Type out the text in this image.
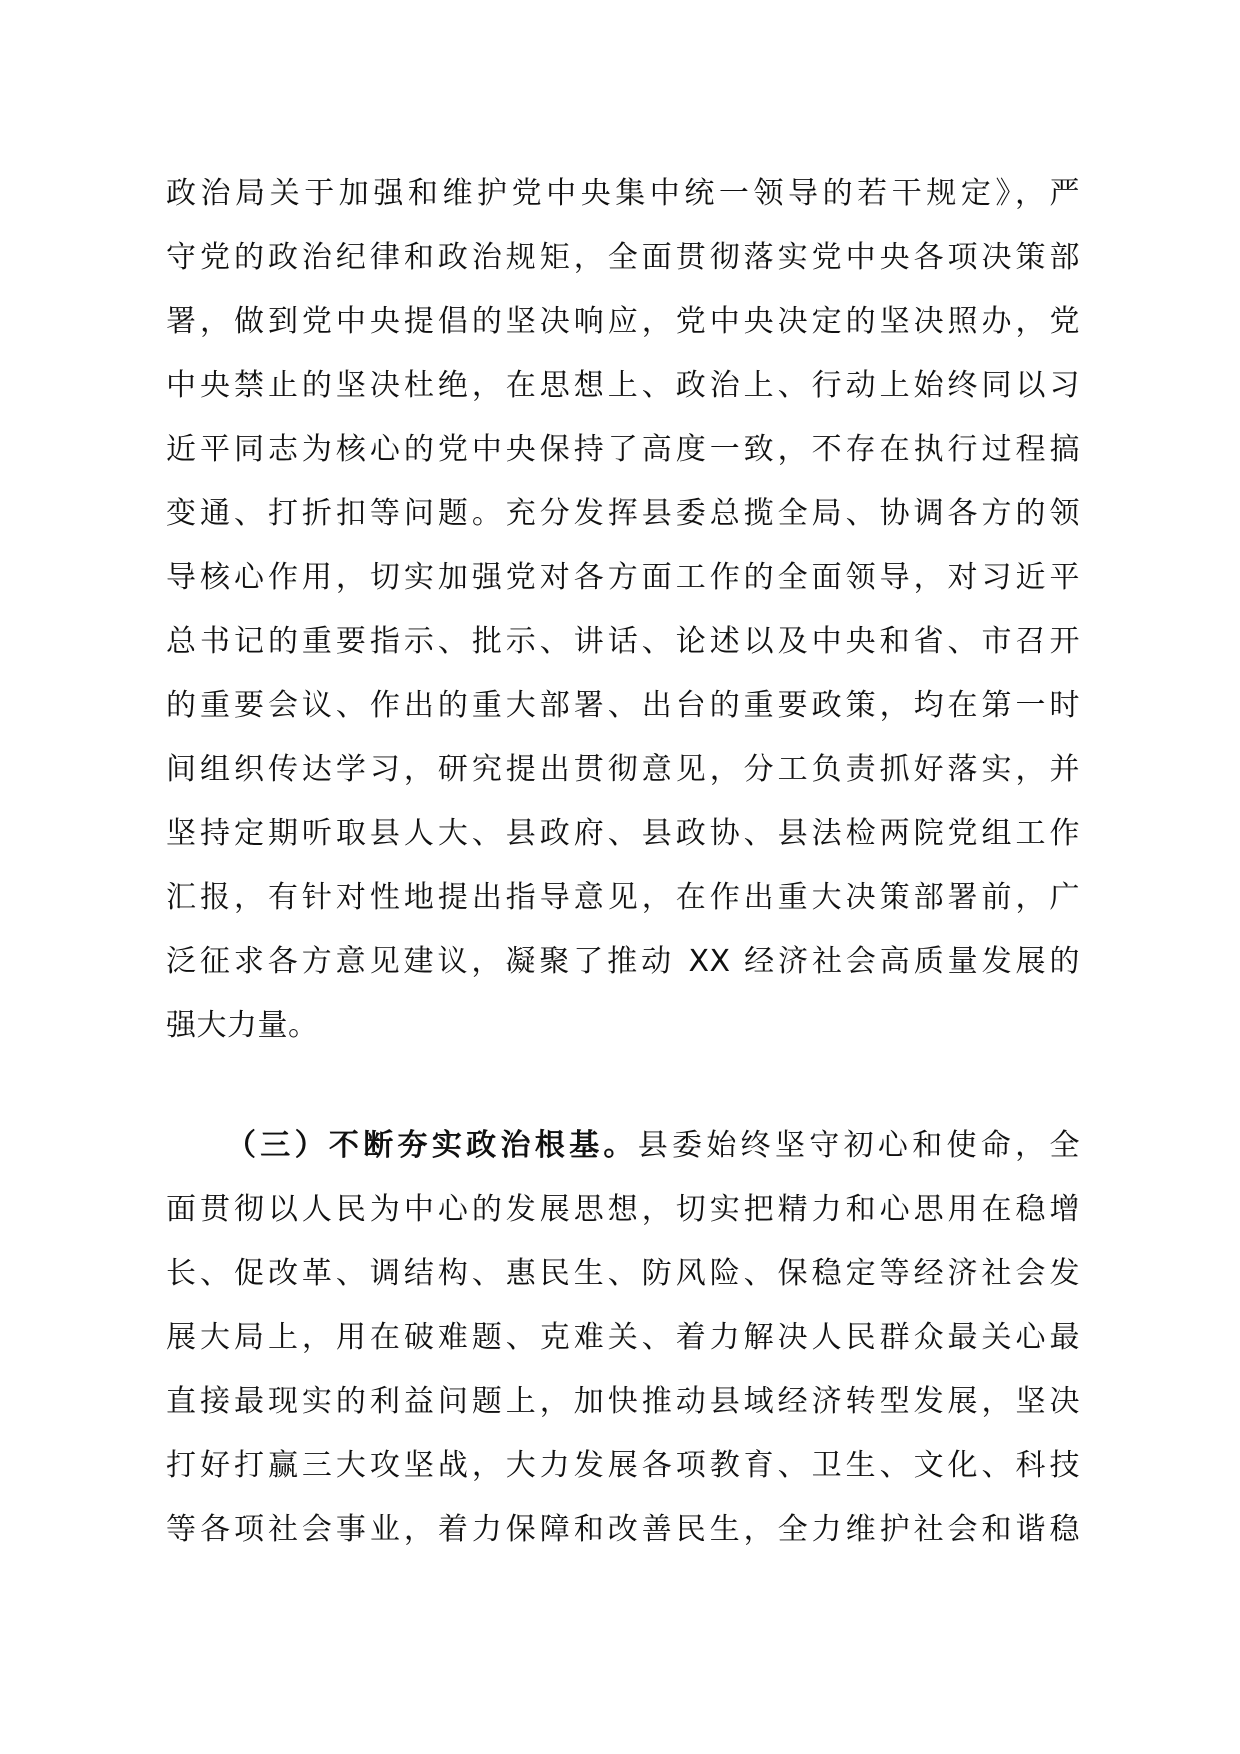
政治局关于加强和维护党中央集中统一领导的若干规定》，严
守党的政治纪律和政治规矩，全面贯彻落实党中央各项决策部
署，做到党中央提倡的坚决响应，党中央决定的坚决照办，党
中央禁止的坚决杜绝，在思想上、政治上、行动上始终同以习
近平同志为核心的党中央保持了高度一致，不存在执行过程搞
变通、打折扣等问题。充分发挥县委总揽全局、协调各方的领
导核心作用，切实加强党对各方面工作的全面领导，对习近平
总书记的重要指示、批示、讲话、论述以及中央和省、市召开
的重要会议、作出的重大部署、出台的重要政策，均在第一时
间组织传达学习，研究提出贯彻意见，分工负责抓好落实，并
坚持定期听取县人大、县政府、县政协、县法检两院党组工作
汇报，有针对性地提出指导意见，在作出重大决策部署前，广
泛征求各方意见建议，凝聚了推动 XX 经济社会高质量发展的
强大力量。
（三）不断夯实政治根基。县委始终坚守初心和使命，全
面贯彻以人民为中心的发展思想，切实把精力和心思用在稳增
长、促改革、调结构、惠民生、防风险、保稳定等经济社会发
展大局上，用在破难题、克难关、着力解决人民群众最关心最
直接最现实的利益问题上，加快推动县域经济转型发展，坚决
打好打赢三大攻坚战，大力发展各项教育、卫生、文化、科技
等各项社会事业，着力保障和改善民生，全力维护社会和谐稳
